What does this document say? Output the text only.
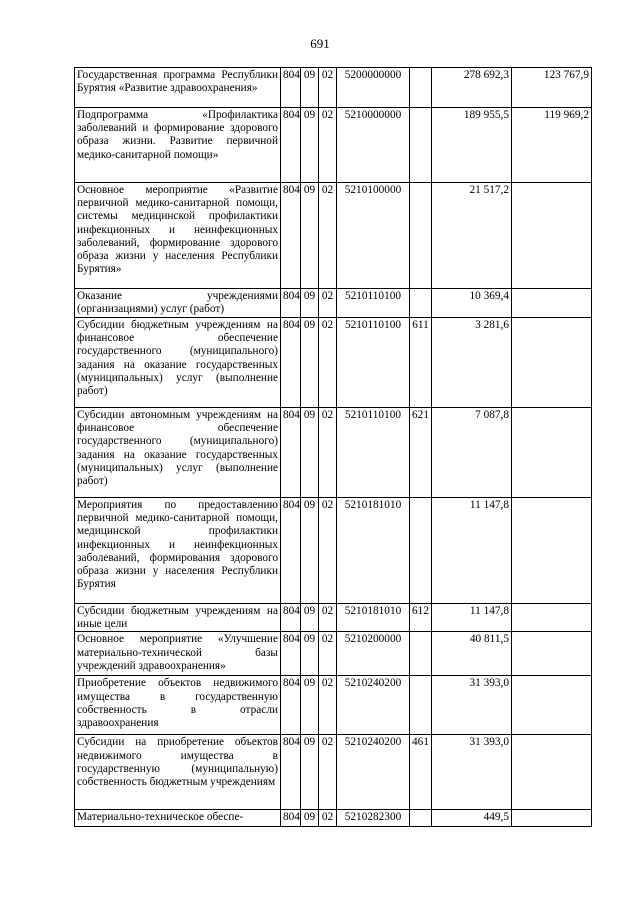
691
Государственная программа Республики Бурятия «Развитие здравоохранения»	804	09	02	5200000000		278 692,3	123 767,9
Подпрограмма «Профилактика заболеваний и формирование здорового образа жизни. Развитие первичной медико-санитарной помощи»	804	09	02	5210000000		189 955,5	119 969,2
Основное мероприятие «Развитие первичной медико-санитарной помощи, системы медицинской профилактики инфекционных и неинфекционных заболеваний, формирование здорового образа жизни у населения Республики Бурятия»	804	09	02	5210100000		21 517,2	
Оказание учреждениями (организациями) услуг (работ)	804	09	02	5210110100		10 369,4	
Субсидии бюджетным учреждениям на финансовое обеспечение государственного (муниципального) задания на оказание государственных (муниципальных) услуг (выполнение работ)	804	09	02	5210110100	611	3 281,6	
Субсидии автономным учреждениям на финансовое обеспечение государственного (муниципального) задания на оказание государственных (муниципальных) услуг (выполнение работ)	804	09	02	5210110100	621	7 087,8	
Мероприятия по предоставлению первичной медико-санитарной помощи, медицинской профилактики инфекционных и неинфекционных заболеваний, формирования здорового образа жизни у населения Республики Бурятия	804	09	02	5210181010		11 147,8	
Субсидии бюджетным учреждениям на иные цели	804	09	02	5210181010	612	11 147,8	
Основное мероприятие «Улучшение материально-технической базы учреждений здравоохранения»	804	09	02	5210200000		40 811,5	
Приобретение объектов недвижимого имущества в государственную собственность в отрасли здравоохранения	804	09	02	5210240200		31 393,0	
Субсидии на приобретение объектов недвижимого имущества в государственную (муниципальную) собственность бюджетным учреждениям	804	09	02	5210240200	461	31 393,0	
Материально-техническое обеспе-	804	09	02	5210282300		449,5	
